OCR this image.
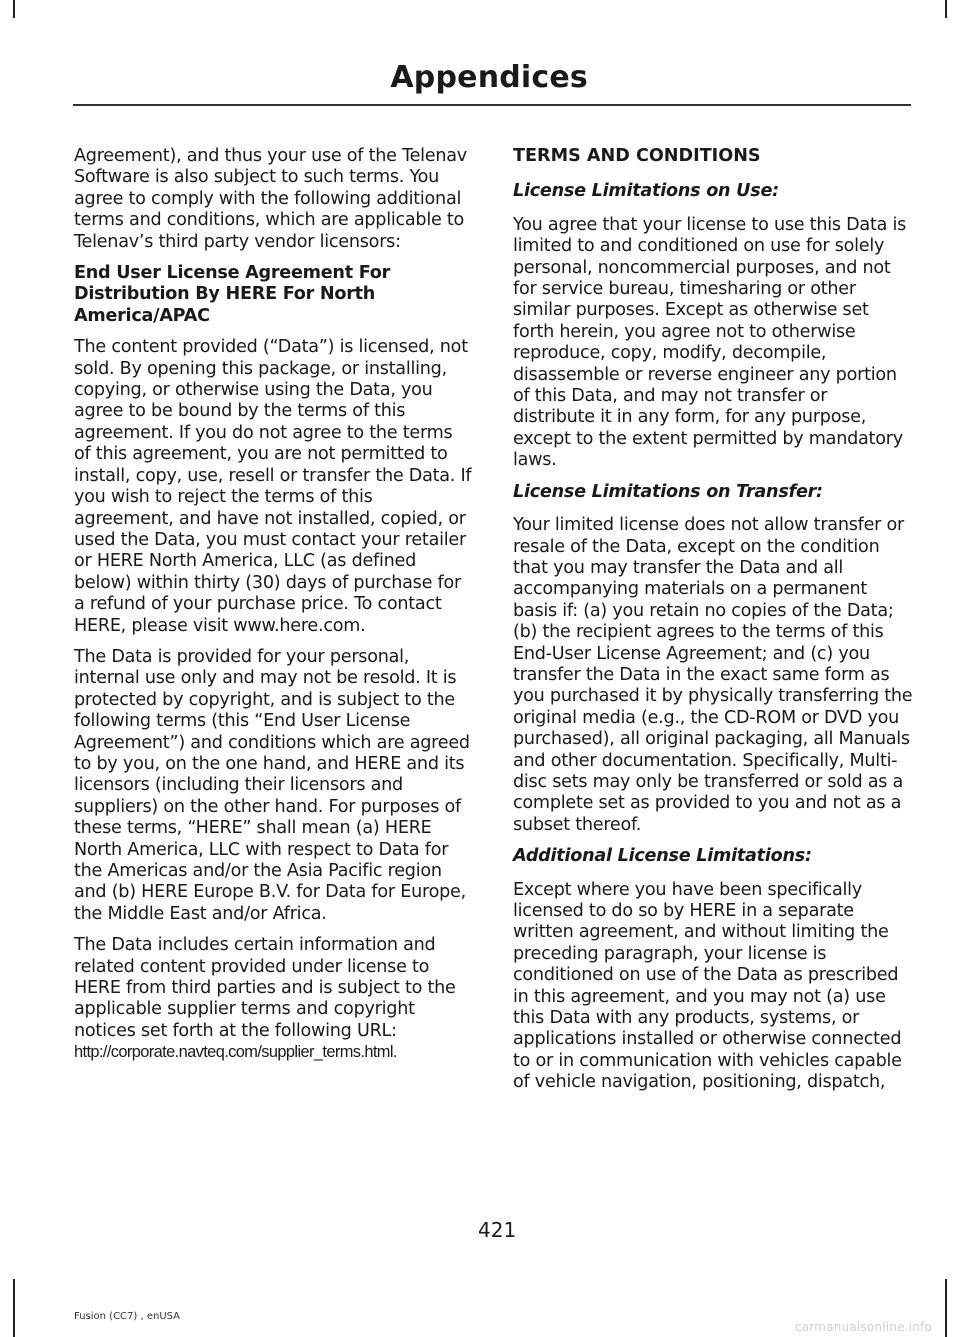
Appendices

Agreement), and thus your use of the Telenav Software is also subject to such terms. You agree to comply with the following additional terms and conditions, which are applicable to Telenav’s third party vendor licensors:

End User License Agreement For Distribution By HERE For North America/APAC

The content provided (“Data”) is licensed, not sold. By opening this package, or installing, copying, or otherwise using the Data, you agree to be bound by the terms of this agreement. If you do not agree to the terms of this agreement, you are not permitted to install, copy, use, resell or transfer the Data. If you wish to reject the terms of this agreement, and have not installed, copied, or used the Data, you must contact your retailer or HERE North America, LLC (as defined below) within thirty (30) days of purchase for a refund of your purchase price. To contact HERE, please visit www.here.com.

The Data is provided for your personal, internal use only and may not be resold. It is protected by copyright, and is subject to the following terms (this “End User License Agreement”) and conditions which are agreed to by you, on the one hand, and HERE and its licensors (including their licensors and suppliers) on the other hand. For purposes of these terms, “HERE” shall mean (a) HERE North America, LLC with respect to Data for the Americas and/or the Asia Pacific region and (b) HERE Europe B.V. for Data for Europe, the Middle East and/or Africa.

The Data includes certain information and related content provided under license to HERE from third parties and is subject to the applicable supplier terms and copyright notices set forth at the following URL:
http://corporate.navteq.com/supplier_terms.html.

TERMS AND CONDITIONS
License Limitations on Use:

You agree that your license to use this Data is limited to and conditioned on use for solely personal, noncommercial purposes, and not for service bureau, timesharing or other similar purposes. Except as otherwise set forth herein, you agree not to otherwise reproduce, copy, modify, decompile, disassemble or reverse engineer any portion of this Data, and may not transfer or distribute it in any form, for any purpose, except to the extent permitted by mandatory laws.

License Limitations on Transfer:

Your limited license does not allow transfer or resale of the Data, except on the condition that you may transfer the Data and all accompanying materials on a permanent basis if: (a) you retain no copies of the Data; (b) the recipient agrees to the terms of this End-User License Agreement; and (c) you transfer the Data in the exact same form as you purchased it by physically transferring the original media (e.g., the CD-ROM or DVD you purchased), all original packaging, all Manuals and other documentation. Specifically, Multi-disc sets may only be transferred or sold as a complete set as provided to you and not as a subset thereof.

Additional License Limitations:

Except where you have been specifically licensed to do so by HERE in a separate written agreement, and without limiting the preceding paragraph, your license is conditioned on use of the Data as prescribed in this agreement, and you may not (a) use this Data with any products, systems, or applications installed or otherwise connected to or in communication with vehicles capable of vehicle navigation, positioning, dispatch,

421
Fusion (CC7) , enUSA
carmanualsonline.info
